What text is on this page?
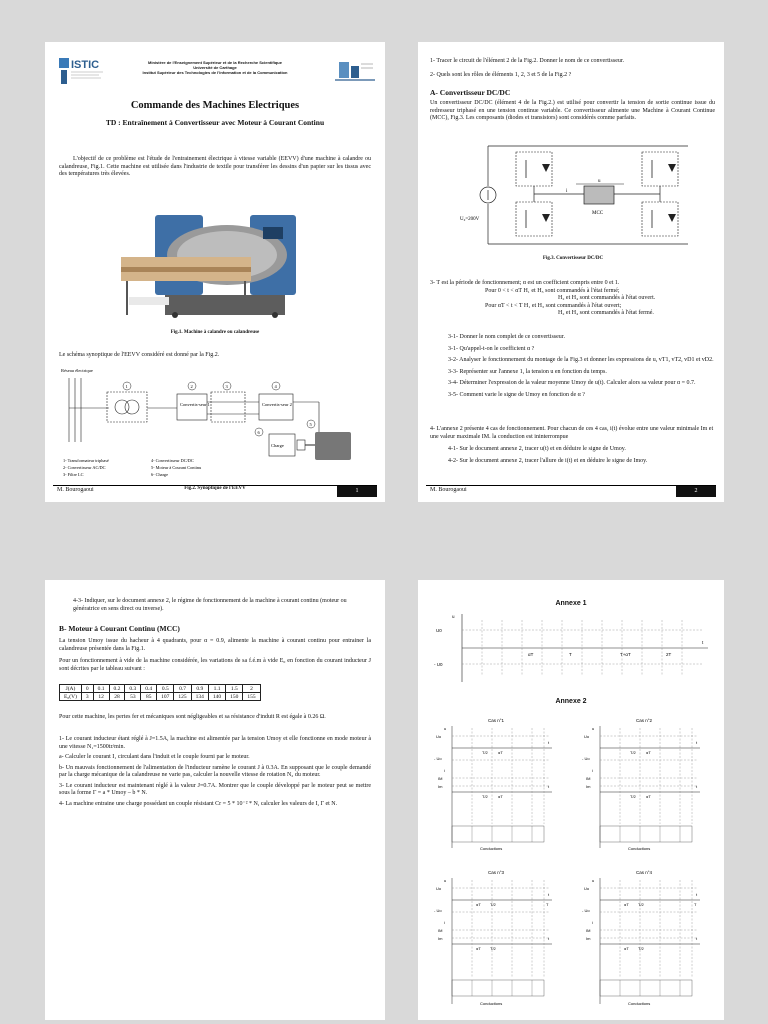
ISTIC	Ministère de l'Enseignement Supérieur et de la Recherche Scientifique
Université de Carthage
Institut Supérieur des Technologies de l'Information et de la Communication
Commande des Machines Electriques
TD : Entraînement à Convertisseur avec Moteur à Courant Continu
L'objectif de ce problème est l'étude de l'entrainement électrique à vitesse variable (EEVV) d'une machine à calandre ou calandreuse, Fig.1. Cette machine est utilisée dans l'industrie de textile pour transférer les dessins d'un papier sur les tissus avec des températures très élevées.
Fig.1. Machine à calandre ou calandreuse
Le schéma synoptique de l'EEVV considéré est donné par la Fig.2.
Réseau électrique
1
Convertis-seur 1
2	3
Convertis-seur 2
4
Charge
6
5
1- Transformateur triphasé
2- Convertisseur AC/DC
3- Filtre LC
4- Convertisseur DC/DC
5- Moteur à Courant Continu
6- Charge
Fig.2. Synoptique de l'EEVV
M. Bourogaoui	1
1- Tracer le circuit de l'élément 2 de la Fig.2. Donner le nom de ce convertisseur.
2- Quels sont les rôles de éléments 1, 2, 3 et 5 de la Fig.2 ?
A- Convertisseur DC/DC
Un convertisseur DC/DC (élément 4 de la Fig.2.) est utilisé pour convertir la tension de sortie continue issue du redresseur triphasé en une tension continue variable. Ce convertisseur alimente une Machine à Courant Continue (MCC), Fig.3. Les composants (diodes et transistors) sont considérés comme parfaits.
U₀=200V
MCC
u
i
Fig.3. Convertisseur DC/DC
3- T est la période de fonctionnement; α est un coefficient compris entre 0 et 1.
Pour 0 < t < αT H₁ et H₃ sont commandés à l'état fermé;
H₂ et H₄ sont commandés à l'état ouvert.
Pour αT < t < T H₁ et H₃ sont commandés à l'état ouvert;
H₂ et H₄ sont commandés à l'état fermé.
3-1- Donner le nom complet de ce convertisseur.
3-1- Qu'appel-t-on le coefficient α ?
3-2- Analyser le fonctionnement du montage de la Fig.3 et donner les expressions de u, vT1, vT2, vD1 et vD2.
3-3- Représenter sur l'annexe 1, la tension u en fonction du temps.
3-4- Déterminer l'expression de la valeur moyenne Umoy de u(t). Calculer alors sa valeur pour α = 0.7.
3-5- Comment varie le signe de Umoy en fonction de α ?
4- L'annexe 2 présente 4 cas de fonctionnement. Pour chacun de ces 4 cas, i(t) évolue entre une valeur minimale Im et une valeur maximale IM. la conduction est ininterrompue
4-1- Sur le document annexe 2, tracer u(t) et en déduire le signe de Umoy.
4-2- Sur le document annexe 2, tracer l'allure de i(t) et en déduire le signe de Imoy.
M. Bourogaoui	2
4-3- Indiquer, sur le document annexe 2, le régime de fonctionnement de la machine à courant continu (moteur ou génératrice en sens direct ou inverse).
B- Moteur à Courant Continu (MCC)
La tension Umoy issue du hacheur à 4 quadrants, pour α = 0.9, alimente la machine à courant continu pour entrainer la calandreuse présentée dans la Fig.1.
Pour un fonctionnement à vide de la machine considérée, les variations de sa f.é.m à vide E₀ en fonction du courant inducteur J sont décrites par le tableau suivant :
J(A)	0	0.1	0.2	0.3	0.4	0.5	0.7	0.9	1.1	1.5	2
E₀(V)	3	12	28	53	85	107	125	134	140	150	155
Pour cette machine, les pertes fer et mécaniques sont négligeables et sa résistance d'induit R est égale à 0.26 Ω.
1- Le courant inducteur étant réglé à J=1.5A, la machine est alimentée par la tension Umoy et elle fonctionne en mode moteur à une vitesse N₁=1500tr/min.
a- Calculer le courant I₁ circulant dans l'induit et le couple fourni par le moteur.
b- Un mauvais fonctionnement de l'alimentation de l'inducteur ramène le courant J à 0.3A. En supposant que le couple demandé par la charge mécanique de la calandreuse ne varie pas, calculer la nouvelle vitesse de rotation N₂ du moteur.
3- Le courant inducteur est maintenant réglé à la valeur J=0.7A. Montrer que le couple développé par le moteur peut se mettre sous la forme Γ = a * Umoy – b * N.
4- La machine entraine une charge possédant un couple résistant Cr = 5 * 10⁻² * N, calculer les valeurs de I, Γ et N.
Annexe 1
u
U0
- U0
t
αT	T	T+αT	2T
Annexe 2
Cas n°1
u
Uo
- Uo
i
IM
Im
t
t
T/2	αT
T/2	αT
Conductions
Cas n°2
u
Uo
- Uo
i
IM
Im
t
t
T/2	αT
T/2	αT
Conductions
Cas n°3
u
Uo
- Uo
i
IM
Im
t
t
αT T/2
αT T/2
T
Conductions
Cas n°4
u
Uo
- Uo
i
IM
Im
t
t
αT T/2
αT T/2
T
Conductions
